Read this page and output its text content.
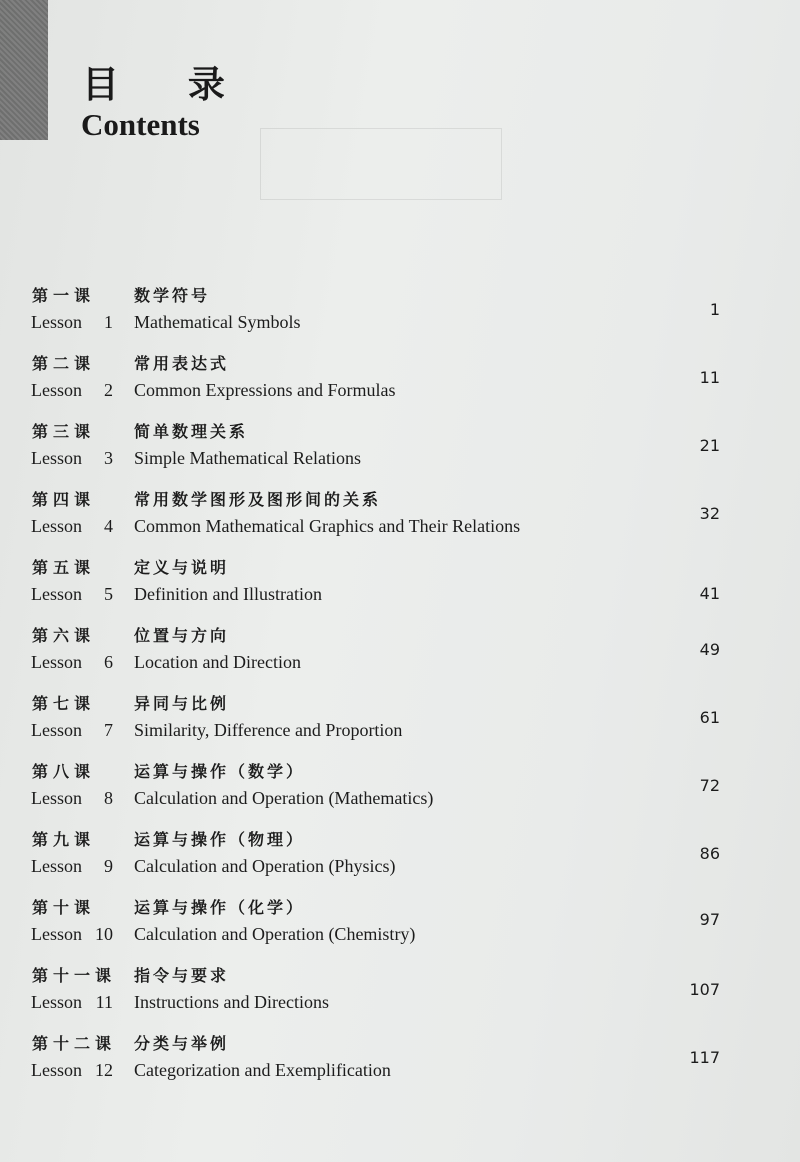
目 录
Contents
第一课	数学符号
Lesson 1 Mathematical Symbols
1
第二课	常用表达式
Lesson 2 Common Expressions and Formulas
11
第三课	简单数理关系
Lesson 3 Simple Mathematical Relations
21
第四课	常用数学图形及图形间的关系
Lesson 4 Common Mathematical Graphics and Their Relations
32
第五课	定义与说明
Lesson 5 Definition and Illustration	41
第六课	位置与方向
Lesson 6 Location and Direction
49
第七课	异同与比例
Lesson 7 Similarity, Difference and Proportion
61
第八课	运算与操作（数学）
Lesson 8 Calculation and Operation (Mathematics)
72
第九课	运算与操作（物理）
Lesson 9 Calculation and Operation (Physics)
86
第十课	运算与操作（化学）
Lesson 10 Calculation and Operation (Chemistry)
97
第十一课 指令与要求
Lesson 11 Instructions and Directions
107
第十二课 分类与举例
Lesson 12 Categorization and Exemplification
117
